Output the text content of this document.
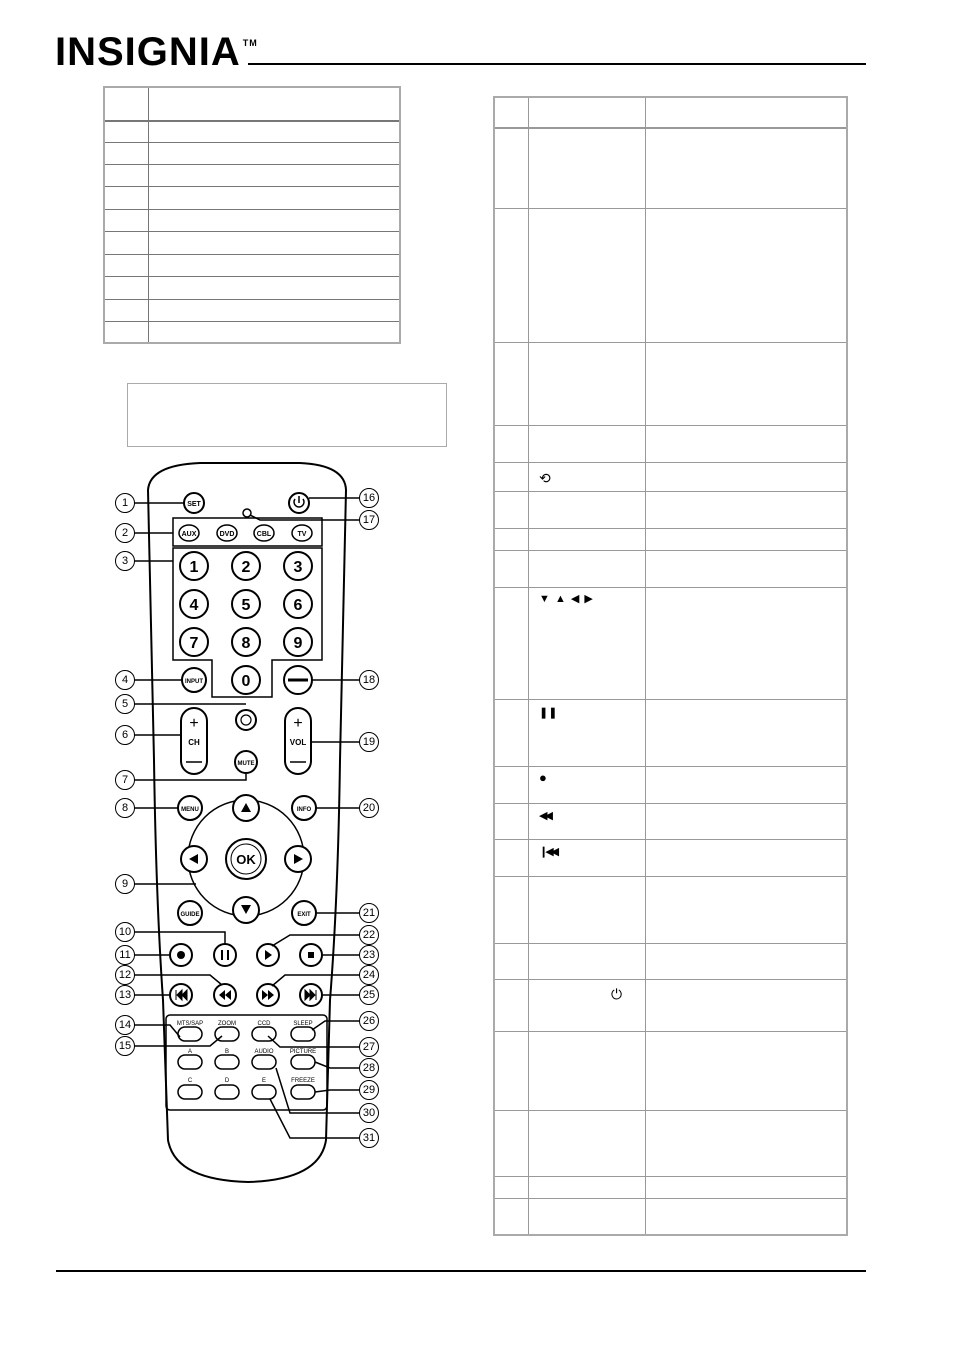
INSIGNIA ™
⟲
▼ ▲ ◀ ▶
❚❚
●
◀◀
❙◀◀
⏻
SET
AUX	DVD	CBL	TV
1	2	3
4	5	6
7	8	9
0
INPUT
+
CH
+
VOL
MUTE
MENU	INFO
OK
GUIDE	EXIT
MTS/SAP ZOOM	CCD	SLEEP
A	B	AUDIO	PICTURE
C	D	E	FREEZE
1
2
3
4
5
6
7
8
9
10
11
12
13
14
15
16
17
18
19
20
21
22
23
24
25
26
27
28
29
30
31
